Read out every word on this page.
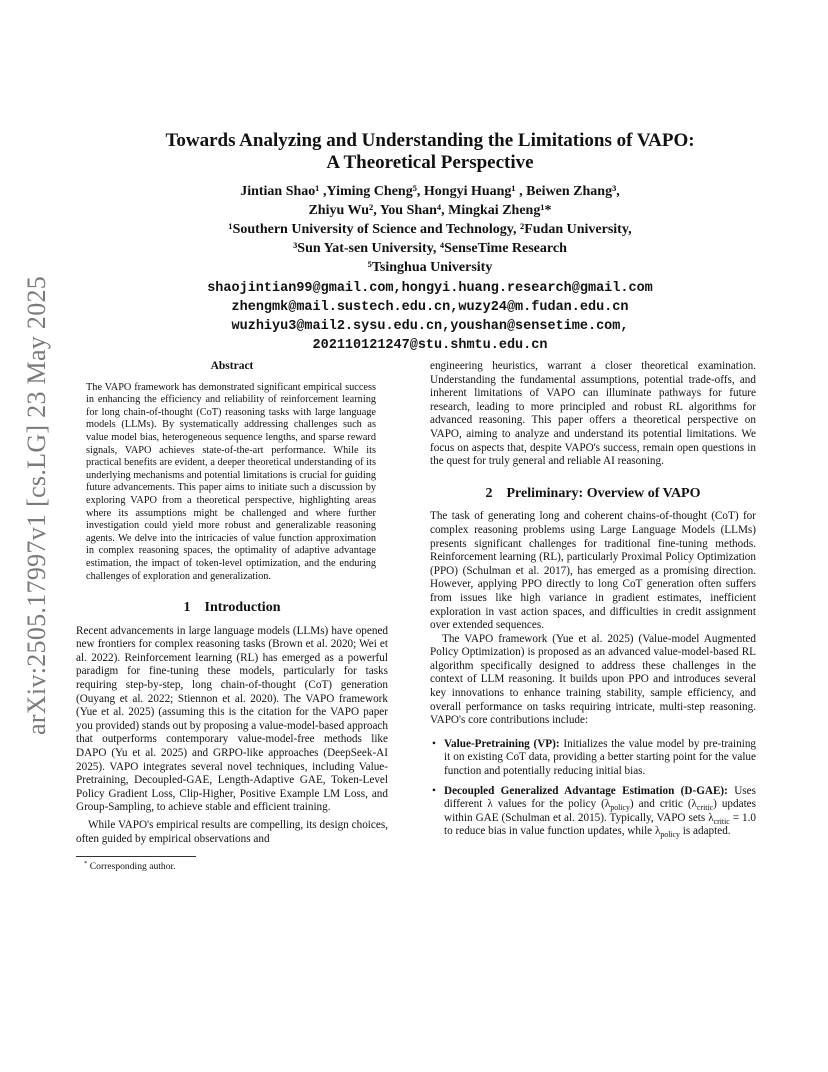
arXiv:2505.17997v1 [cs.LG] 23 May 2025
Towards Analyzing and Understanding the Limitations of VAPO:
A Theoretical Perspective
Jintian Shao¹ ,Yiming Cheng⁵, Hongyi Huang¹ , Beiwen Zhang³,
Zhiyu Wu², You Shan⁴, Mingkai Zheng¹*
¹Southern University of Science and Technology, ²Fudan University,
³Sun Yat-sen University, ⁴SenseTime Research
⁵Tsinghua University
shaojintian99@gmail.com,hongyi.huang.research@gmail.com
zhengmk@mail.sustech.edu.cn,wuzy24@m.fudan.edu.cn
wuzhiyu3@mail2.sysu.edu.cn,youshan@sensetime.com,
202110121247@stu.shmtu.edu.cn
Abstract

The VAPO framework has demonstrated significant empirical success in enhancing the efficiency and reliability of reinforcement learning for long chain-of-thought (CoT) reasoning tasks with large language models (LLMs). By systematically addressing challenges such as value model bias, heterogeneous sequence lengths, and sparse reward signals, VAPO achieves state-of-the-art performance. While its practical benefits are evident, a deeper theoretical understanding of its underlying mechanisms and potential limitations is crucial for guiding future advancements. This paper aims to initiate such a discussion by exploring VAPO from a theoretical perspective, highlighting areas where its assumptions might be challenged and where further investigation could yield more robust and generalizable reasoning agents. We delve into the intricacies of value function approximation in complex reasoning spaces, the optimality of adaptive advantage estimation, the impact of token-level optimization, and the enduring challenges of exploration and generalization.

1 Introduction

Recent advancements in large language models (LLMs) have opened new frontiers for complex reasoning tasks (Brown et al. 2020; Wei et al. 2022). Reinforcement learning (RL) has emerged as a powerful paradigm for fine-tuning these models, particularly for tasks requiring step-by-step, long chain-of-thought (CoT) generation (Ouyang et al. 2022; Stiennon et al. 2020). The VAPO framework (Yue et al. 2025) (assuming this is the citation for the VAPO paper you provided) stands out by proposing a value-model-based approach that outperforms contemporary value-model-free methods like DAPO (Yu et al. 2025) and GRPO-like approaches (DeepSeek-AI 2025). VAPO integrates several novel techniques, including Value-Pretraining, Decoupled-GAE, Length-Adaptive GAE, Token-Level Policy Gradient Loss, Clip-Higher, Positive Example LM Loss, and Group-Sampling, to achieve stable and efficient training.

While VAPO's empirical results are compelling, its design choices, often guided by empirical observations and

* Corresponding author.

engineering heuristics, warrant a closer theoretical examination. Understanding the fundamental assumptions, potential trade-offs, and inherent limitations of VAPO can illuminate pathways for future research, leading to more principled and robust RL algorithms for advanced reasoning. This paper offers a theoretical perspective on VAPO, aiming to analyze and understand its potential limitations. We focus on aspects that, despite VAPO's success, remain open questions in the quest for truly general and reliable AI reasoning.

2 Preliminary: Overview of VAPO

The task of generating long and coherent chains-of-thought (CoT) for complex reasoning problems using Large Language Models (LLMs) presents significant challenges for traditional fine-tuning methods. Reinforcement learning (RL), particularly Proximal Policy Optimization (PPO) (Schulman et al. 2017), has emerged as a promising direction. However, applying PPO directly to long CoT generation often suffers from issues like high variance in gradient estimates, inefficient exploration in vast action spaces, and difficulties in credit assignment over extended sequences.

The VAPO framework (Yue et al. 2025) (Value-model Augmented Policy Optimization) is proposed as an advanced value-model-based RL algorithm specifically designed to address these challenges in the context of LLM reasoning. It builds upon PPO and introduces several key innovations to enhance training stability, sample efficiency, and overall performance on tasks requiring intricate, multi-step reasoning. VAPO's core contributions include:

• Value-Pretraining (VP): Initializes the value model by pre-training it on existing CoT data, providing a better starting point for the value function and potentially reducing initial bias.
• Decoupled Generalized Advantage Estimation (D-GAE): Uses different λ values for the policy $(\lambda_{policy})$ and critic $(\lambda_{critic})$ updates within GAE (Schulman et al. 2015). Typically, VAPO sets $\lambda_{critic} = 1.0$ to reduce bias in value function updates, while $\lambda_{policy}$ is adapted.
